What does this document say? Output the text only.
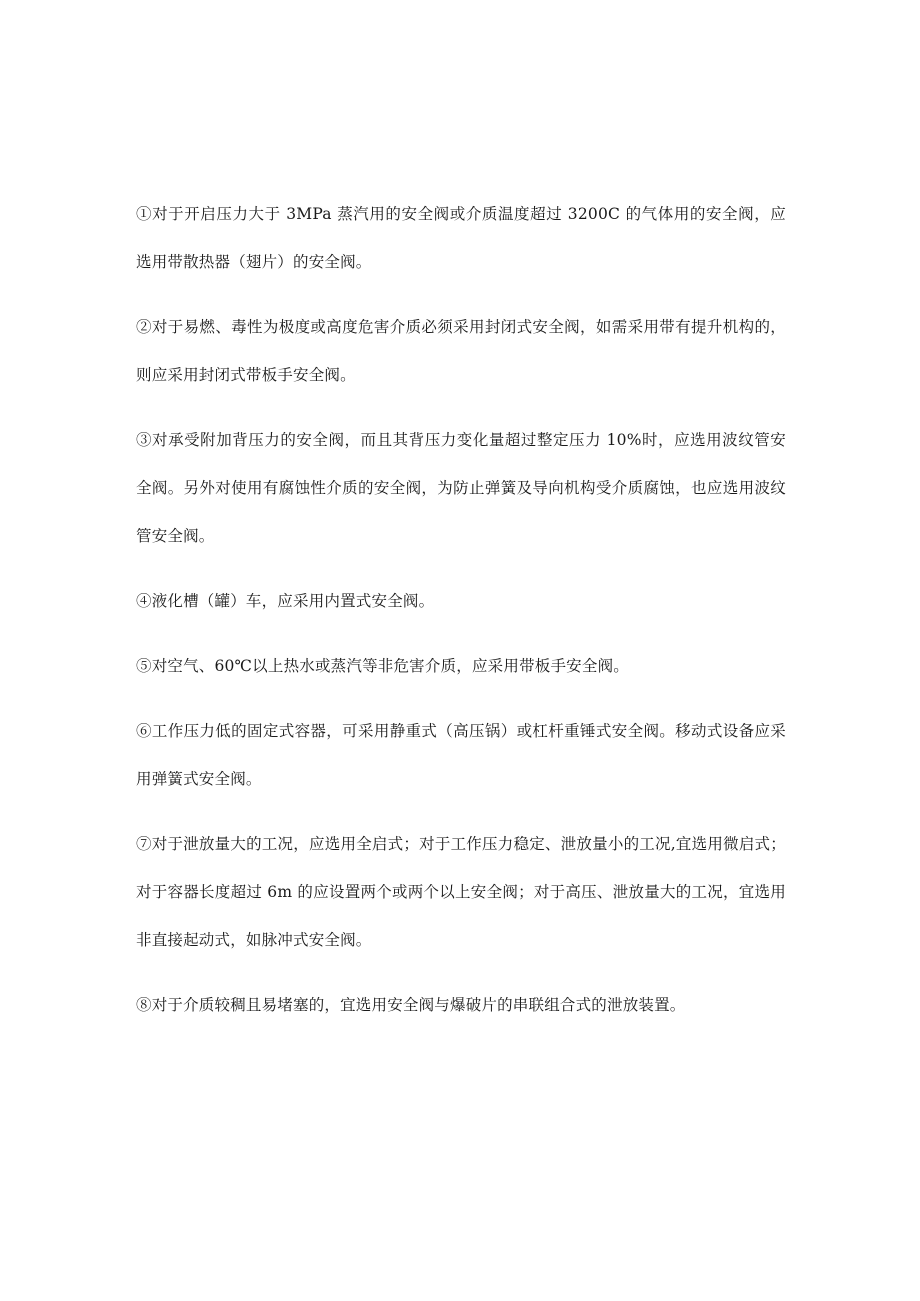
①对于开启压力大于 3MPa 蒸汽用的安全阀或介质温度超过 3200C 的气体用的安全阀，应选用带散热器（翅片）的安全阀。

②对于易燃、毒性为极度或高度危害介质必须采用封闭式安全阀，如需采用带有提升机构的，则应采用封闭式带板手安全阀。

③对承受附加背压力的安全阀，而且其背压力变化量超过整定压力 10%时，应选用波纹管安全阀。另外对使用有腐蚀性介质的安全阀，为防止弹簧及导向机构受介质腐蚀，也应选用波纹管安全阀。

④液化槽（罐）车，应采用内置式安全阀。

⑤对空气、60℃以上热水或蒸汽等非危害介质，应采用带板手安全阀。

⑥工作压力低的固定式容器，可采用静重式（高压锅）或杠杆重锤式安全阀。移动式设备应采用弹簧式安全阀。

⑦对于泄放量大的工况，应选用全启式；对于工作压力稳定、泄放量小的工况,宜选用微启式；对于容器长度超过 6m 的应设置两个或两个以上安全阀；对于高压、泄放量大的工况，宜选用非直接起动式，如脉冲式安全阀。

⑧对于介质较稠且易堵塞的，宜选用安全阀与爆破片的串联组合式的泄放装置。
